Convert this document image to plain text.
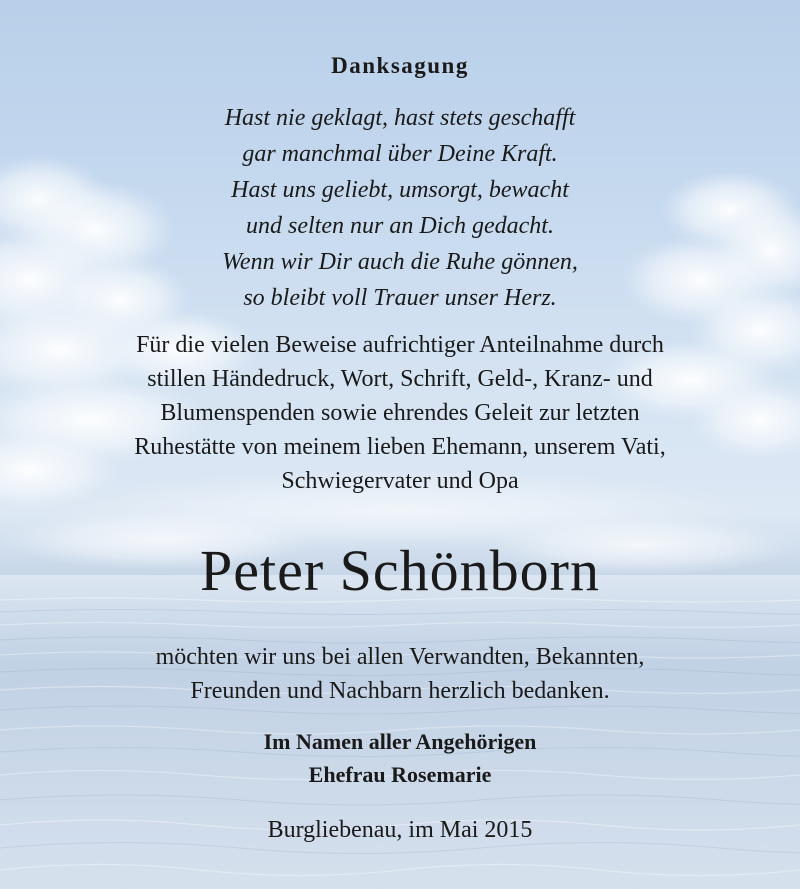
Danksagung
Hast nie geklagt, hast stets geschafft
gar manchmal über Deine Kraft.
Hast uns geliebt, umsorgt, bewacht
und selten nur an Dich gedacht.
Wenn wir Dir auch die Ruhe gönnen,
so bleibt voll Trauer unser Herz.
Für die vielen Beweise aufrichtiger Anteilnahme durch
stillen Händedruck, Wort, Schrift, Geld-, Kranz- und
Blumenspenden sowie ehrendes Geleit zur letzten
Ruhestätte von meinem lieben Ehemann, unserem Vati,
Schwiegervater und Opa
Peter Schönborn
möchten wir uns bei allen Verwandten, Bekannten,
Freunden und Nachbarn herzlich bedanken.
Im Namen aller Angehörigen
Ehefrau Rosemarie
Burgliebenau, im Mai 2015
